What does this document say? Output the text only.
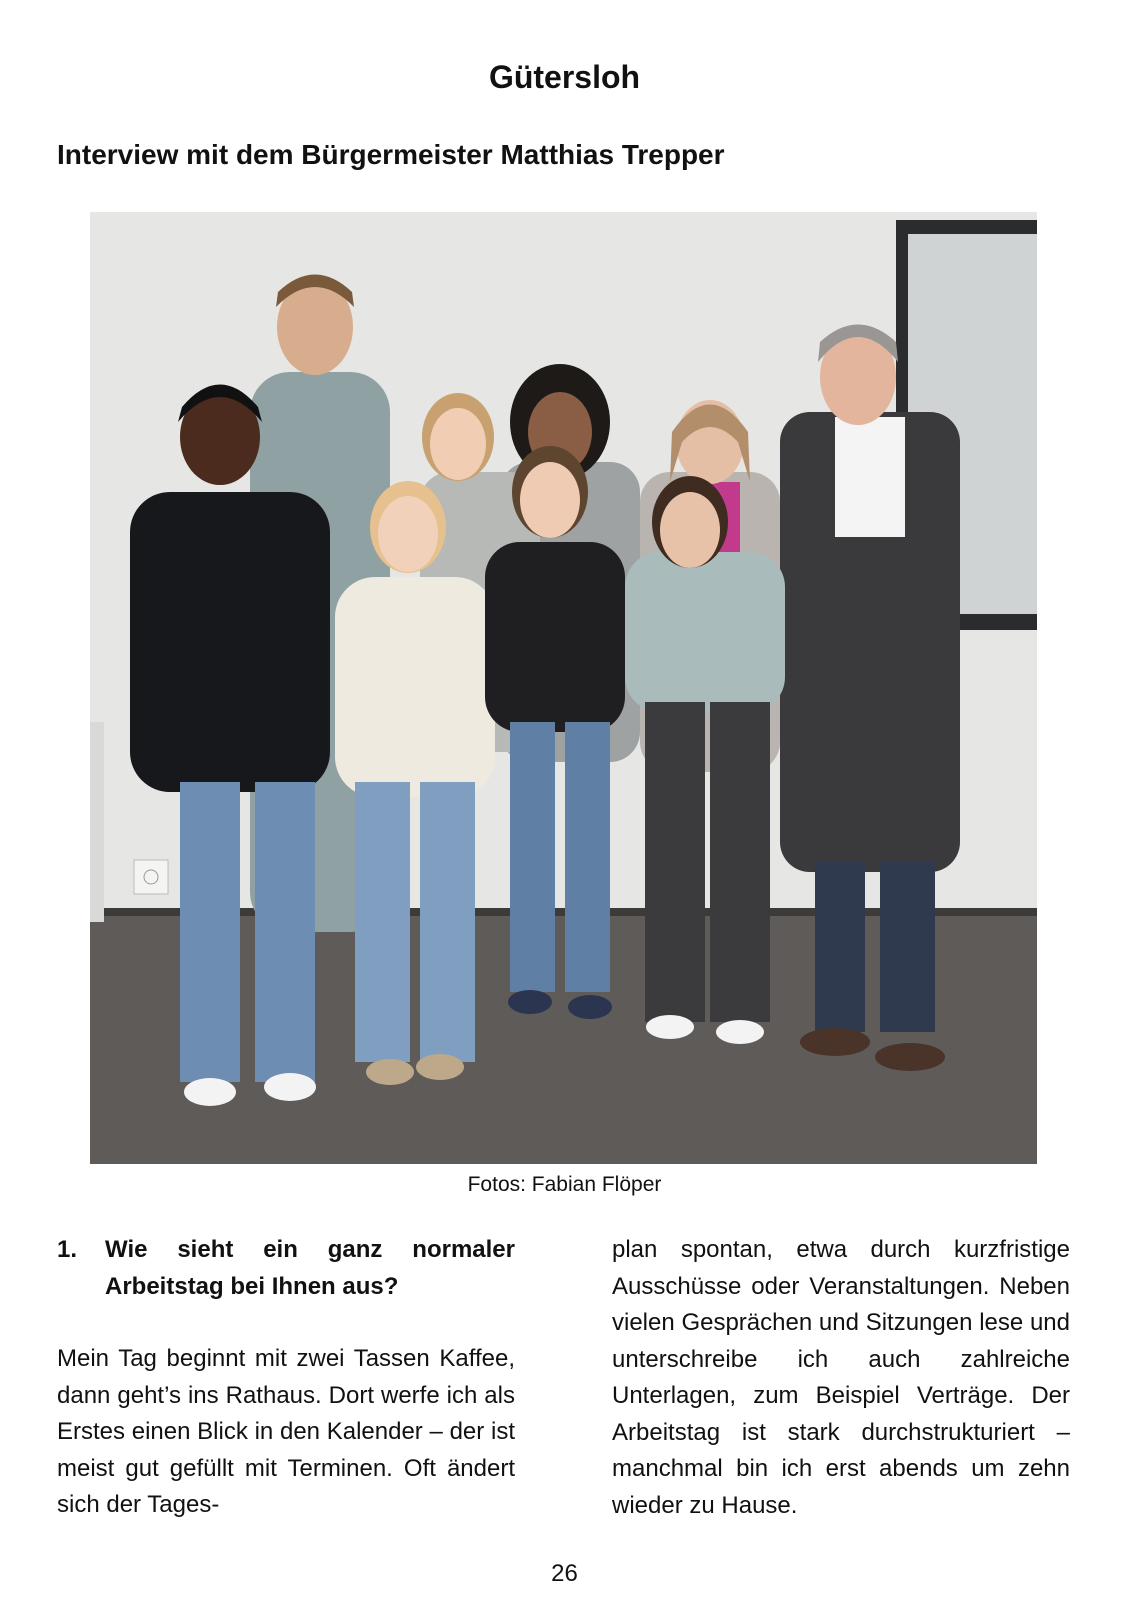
Gütersloh
Interview mit dem Bürgermeister Matthias Trepper
Fotos: Fabian Flöper
1.	Wie sieht ein ganz normaler Arbeitstag bei Ihnen aus?

Mein Tag beginnt mit zwei Tassen Kaffee, dann geht’s ins Rathaus. Dort werfe ich als Erstes einen Blick in den Kalender – der ist meist gut gefüllt mit Terminen. Oft ändert sich der Tages-

plan spontan, etwa durch kurzfristige Ausschüsse oder Veranstaltungen. Neben vielen Gesprächen und Sitzungen lese und unterschreibe ich auch zahlreiche Unterlagen, zum Beispiel Verträge. Der Arbeitstag ist stark durchstrukturiert – manchmal bin ich erst abends um zehn wieder zu Hause.

26
